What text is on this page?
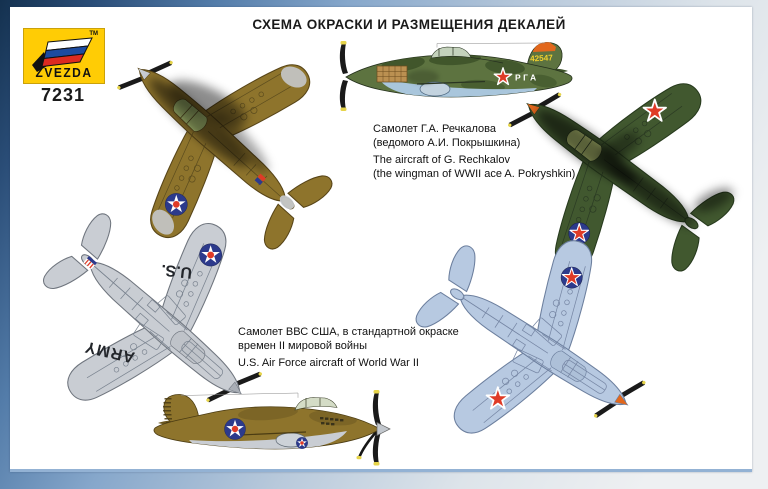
СХЕМА ОКРАСКИ И РАЗМЕЩЕНИЯ ДЕКАЛЕЙ
TM
ZVEZDA
7231
Самолет Г.А. Речкалова
(ведомого А.И. Покрышкина)
The aircraft of G. Rechkalov
(the wingman of WWII ace A. Pokryshkin)
Самолет ВВС США, в стандартной окраске
времен II мировой войны
U.S. Air Force aircraft of World War II
42547
РГА
U.S.
ARMY
